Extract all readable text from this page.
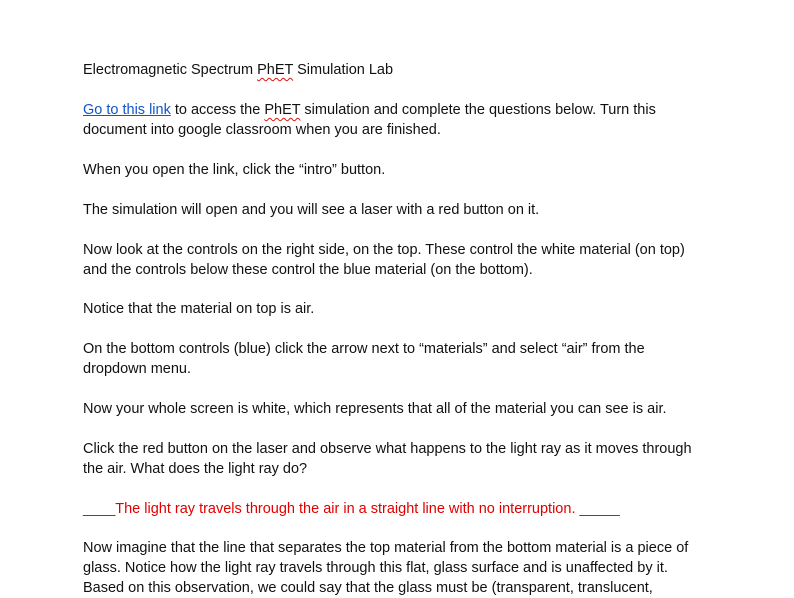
Electromagnetic Spectrum PhET Simulation Lab

Go to this link to access the PhET simulation and complete the questions below. Turn this
document into google classroom when you are finished.

When you open the link, click the “intro” button.

The simulation will open and you will see a laser with a red button on it.

Now look at the controls on the right side, on the top. These control the white material (on top)
and the controls below these control the blue material (on the bottom).

Notice that the material on top is air.

On the bottom controls (blue) click the arrow next to “materials” and select “air” from the
dropdown menu.

Now your whole screen is white, which represents that all of the material you can see is air.

Click the red button on the laser and observe what happens to the light ray as it moves through
the air. What does the light ray do?

____The light ray travels through the air in a straight line with no interruption. _____

Now imagine that the line that separates the top material from the bottom material is a piece of
glass. Notice how the light ray travels through this flat, glass surface and is unaffected by it.
Based on this observation, we could say that the glass must be (transparent, translucent,
